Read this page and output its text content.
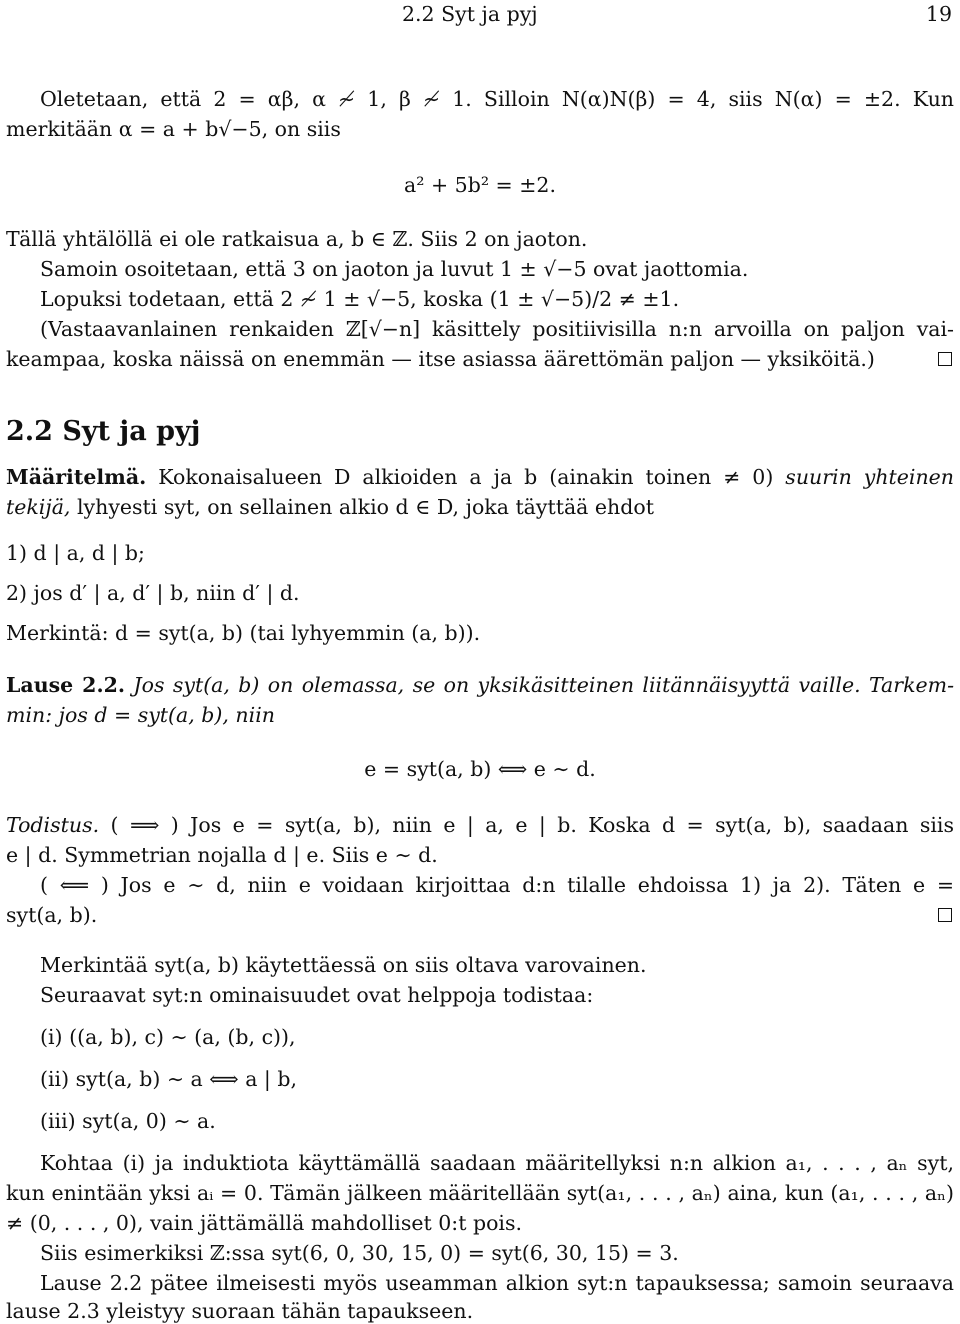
2.2 Syt ja pyj	19
Oletetaan, että 2 = αβ, α ≁ 1, β ≁ 1. Silloin N(α)N(β) = 4, siis N(α) = ±2. Kun
merkitään α = a + b√−5, on siis
a² + 5b² = ±2.
Tällä yhtälöllä ei ole ratkaisua a, b ∈ ℤ. Siis 2 on jaoton.
Samoin osoitetaan, että 3 on jaoton ja luvut 1 ± √−5 ovat jaottomia.
Lopuksi todetaan, että 2 ≁ 1 ± √−5, koska (1 ± √−5)/2 ≠ ±1.
(Vastaavanlainen renkaiden ℤ[√−n] käsittely positiivisilla n:n arvoilla on paljon vai-
keampaa, koska näissä on enemmän — itse asiassa äärettömän paljon — yksiköitä.)
2.2 Syt ja pyj
Määritelmä. Kokonaisalueen D alkioiden a ja b (ainakin toinen ≠ 0) suurin yhteinen
tekijä, lyhyesti syt, on sellainen alkio d ∈ D, joka täyttää ehdot
1) d | a, d | b;
2) jos d′ | a, d′ | b, niin d′ | d.
Merkintä: d = syt(a, b) (tai lyhyemmin (a, b)).
Lause 2.2. Jos syt(a, b) on olemassa, se on yksikäsitteinen liitännäisyyttä vaille. Tarkem-
min: jos d = syt(a, b), niin
e = syt(a, b) ⟺ e ∼ d.
Todistus. ( ⟹ ) Jos e = syt(a, b), niin e | a, e | b. Koska d = syt(a, b), saadaan siis
e | d. Symmetrian nojalla d | e. Siis e ∼ d.
( ⟸ ) Jos e ∼ d, niin e voidaan kirjoittaa d:n tilalle ehdoissa 1) ja 2). Täten e =
syt(a, b).
Merkintää syt(a, b) käytettäessä on siis oltava varovainen.
Seuraavat syt:n ominaisuudet ovat helppoja todistaa:
(i) ((a, b), c) ∼ (a, (b, c)),
(ii) syt(a, b) ∼ a ⟺ a | b,
(iii) syt(a, 0) ∼ a.
Kohtaa (i) ja induktiota käyttämällä saadaan määritellyksi n:n alkion a₁, . . . , aₙ syt,
kun enintään yksi aᵢ = 0. Tämän jälkeen määritellään syt(a₁, . . . , aₙ) aina, kun (a₁, . . . , aₙ)
≠ (0, . . . , 0), vain jättämällä mahdolliset 0:t pois.
Siis esimerkiksi ℤ:ssa syt(6, 0, 30, 15, 0) = syt(6, 30, 15) = 3.
Lause 2.2 pätee ilmeisesti myös useamman alkion syt:n tapauksessa; samoin seuraava
lause 2.3 yleistyy suoraan tähän tapaukseen.
